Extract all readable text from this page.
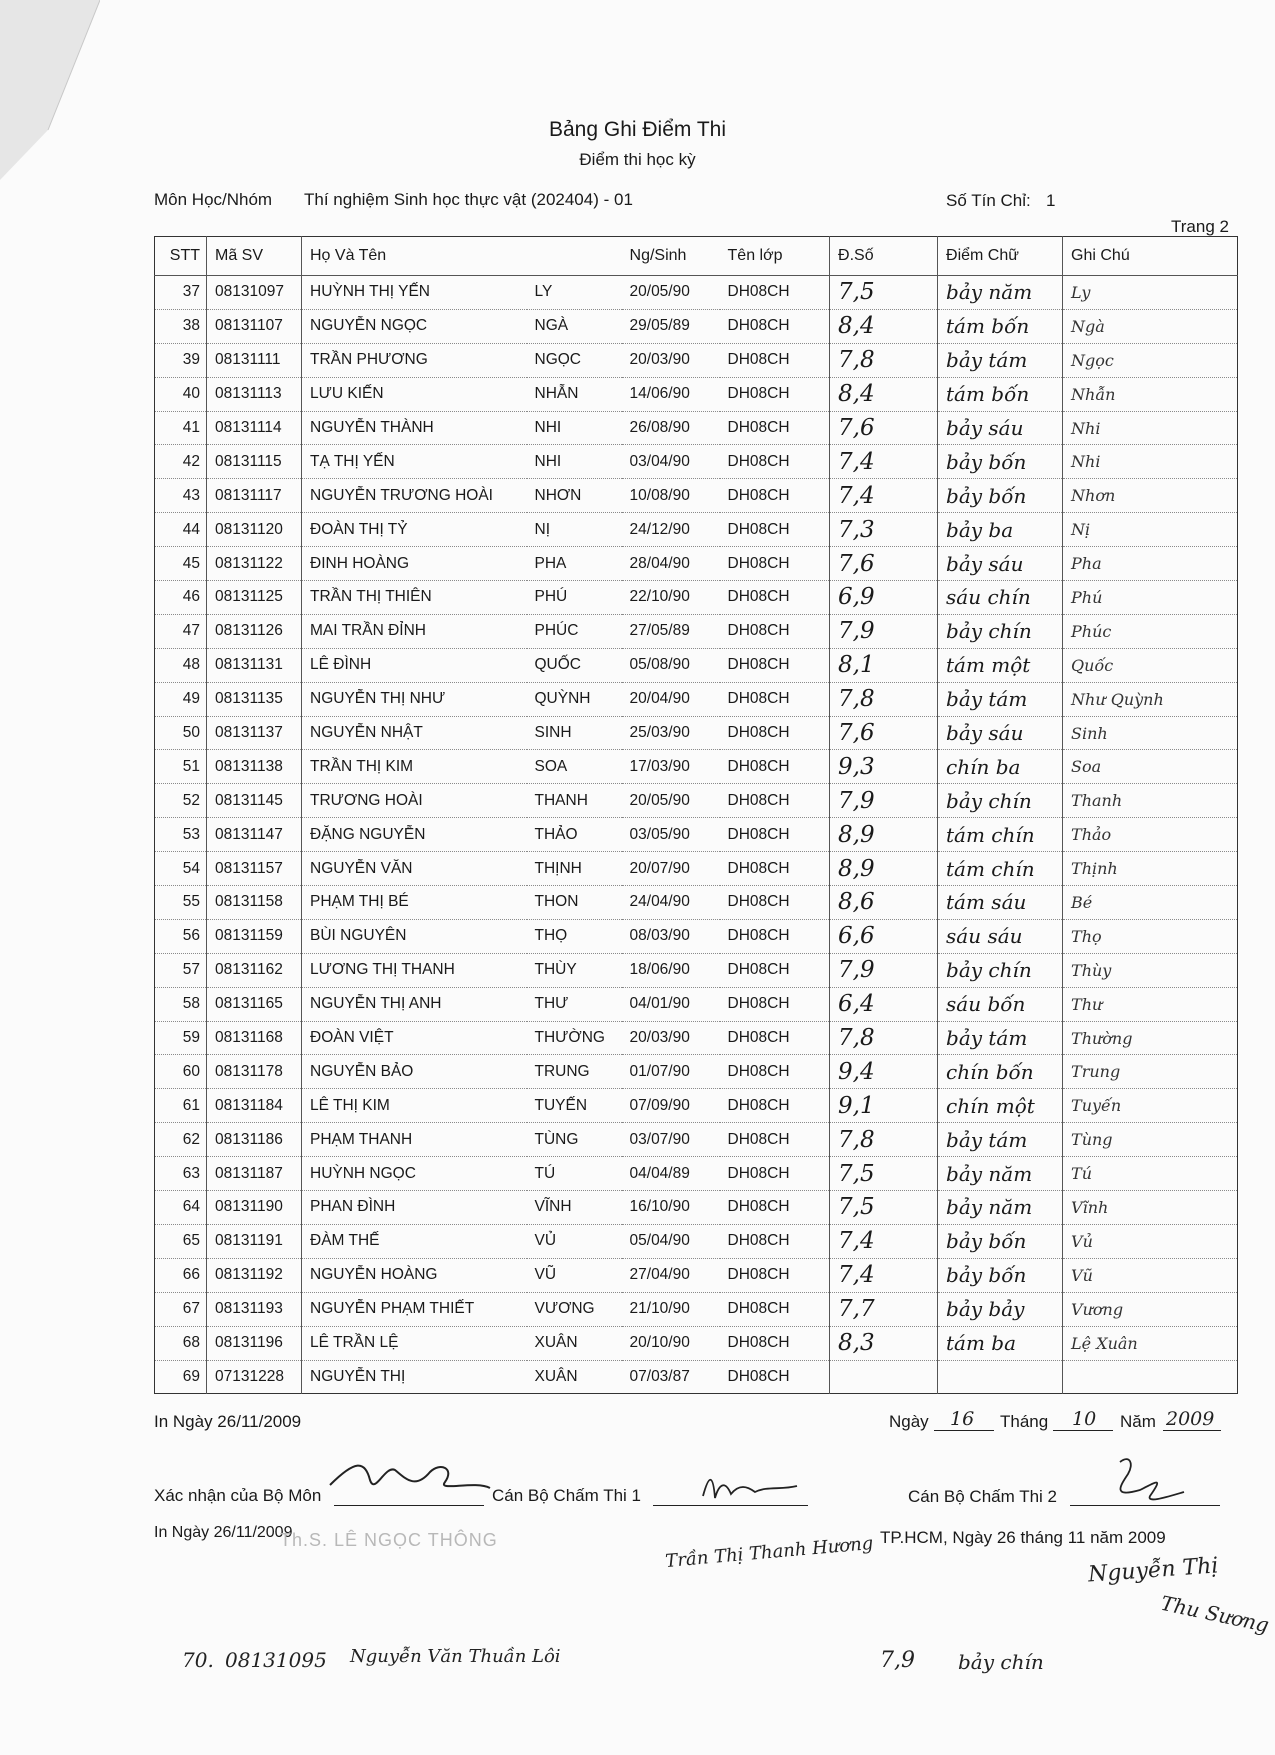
Bảng Ghi Điểm Thi
Điểm thi học kỳ
Môn Học/Nhóm Thí nghiệm Sinh học thực vật (202404) - 01	Số Tín Chỉ: 1
Trang 2
STT	Mã SV	Họ Và Tên		Ng/Sinh	Tên lớp	Đ.Số	Điểm Chữ	Ghi Chú
37	08131097	HUỲNH THỊ YẾN	LY	20/05/90	DH08CH	7,5	bảy năm	Ly
38	08131107	NGUYỄN NGỌC	NGÀ	29/05/89	DH08CH	8,4	tám bốn	Ngà
39	08131111	TRẦN PHƯƠNG	NGỌC	20/03/90	DH08CH	7,8	bảy tám	Ngọc
40	08131113	LƯU KIẾN	NHẪN	14/06/90	DH08CH	8,4	tám bốn	Nhẫn
41	08131114	NGUYỄN THÀNH	NHI	26/08/90	DH08CH	7,6	bảy sáu	Nhi
42	08131115	TẠ THỊ YẾN	NHI	03/04/90	DH08CH	7,4	bảy bốn	Nhi
43	08131117	NGUYỄN TRƯƠNG HOÀI	NHƠN	10/08/90	DH08CH	7,4	bảy bốn	Nhơn
44	08131120	ĐOÀN THỊ TỶ	NỊ	24/12/90	DH08CH	7,3	bảy ba	Nị
45	08131122	ĐINH HOÀNG	PHA	28/04/90	DH08CH	7,6	bảy sáu	Pha
46	08131125	TRẦN THỊ THIÊN	PHÚ	22/10/90	DH08CH	6,9	sáu chín	Phú
47	08131126	MAI TRẦN ĐỈNH	PHÚC	27/05/89	DH08CH	7,9	bảy chín	Phúc
48	08131131	LÊ ĐÌNH	QUỐC	05/08/90	DH08CH	8,1	tám một	Quốc
49	08131135	NGUYỄN THỊ NHƯ	QUỲNH	20/04/90	DH08CH	7,8	bảy tám	Như Quỳnh
50	08131137	NGUYỄN NHẬT	SINH	25/03/90	DH08CH	7,6	bảy sáu	Sinh
51	08131138	TRẦN THỊ KIM	SOA	17/03/90	DH08CH	9,3	chín ba	Soa
52	08131145	TRƯƠNG HOÀI	THANH	20/05/90	DH08CH	7,9	bảy chín	Thanh
53	08131147	ĐẶNG NGUYỄN	THẢO	03/05/90	DH08CH	8,9	tám chín	Thảo
54	08131157	NGUYỄN VĂN	THỊNH	20/07/90	DH08CH	8,9	tám chín	Thịnh
55	08131158	PHẠM THỊ BÉ	THON	24/04/90	DH08CH	8,6	tám sáu	Bé
56	08131159	BÙI NGUYÊN	THỌ	08/03/90	DH08CH	6,6	sáu sáu	Thọ
57	08131162	LƯƠNG THỊ THANH	THÙY	18/06/90	DH08CH	7,9	bảy chín	Thùy
58	08131165	NGUYỄN THỊ ANH	THƯ	04/01/90	DH08CH	6,4	sáu bốn	Thư
59	08131168	ĐOÀN VIỆT	THƯỜNG	20/03/90	DH08CH	7,8	bảy tám	Thường
60	08131178	NGUYỄN BẢO	TRUNG	01/07/90	DH08CH	9,4	chín bốn	Trung
61	08131184	LÊ THỊ KIM	TUYẾN	07/09/90	DH08CH	9,1	chín một	Tuyến
62	08131186	PHẠM THANH	TÙNG	03/07/90	DH08CH	7,8	bảy tám	Tùng
63	08131187	HUỲNH NGỌC	TÚ	04/04/89	DH08CH	7,5	bảy năm	Tú
64	08131190	PHAN ĐÌNH	VĨNH	16/10/90	DH08CH	7,5	bảy năm	Vĩnh
65	08131191	ĐÀM THẾ	VỦ	05/04/90	DH08CH	7,4	bảy bốn	Vủ
66	08131192	NGUYỄN HOÀNG	VŨ	27/04/90	DH08CH	7,4	bảy bốn	Vũ
67	08131193	NGUYỄN PHẠM THIẾT	VƯƠNG	21/10/90	DH08CH	7,7	bảy bảy	Vương
68	08131196	LÊ TRẦN LỆ	XUÂN	20/10/90	DH08CH	8,3	tám ba	Lệ Xuân
69	07131228	NGUYỄN THỊ	XUÂN	07/03/87	DH08CH			
In Ngày 26/11/2009	Ngày 16 Tháng 10 Năm 2009
Xác nhận của Bộ Môn	Cán Bộ Chấm Thi 1	Cán Bộ Chấm Thi 2
In Ngày 26/11/2009
Th.S. LÊ NGỌC THÔNG	TP.HCM, Ngày 26 tháng 11 năm 2009
Trần Thị Thanh Hương	Nguyễn Thị
Thu Sương
70. 08131095 Nguyễn Văn Thuần Lôi	7,9 bảy chín
